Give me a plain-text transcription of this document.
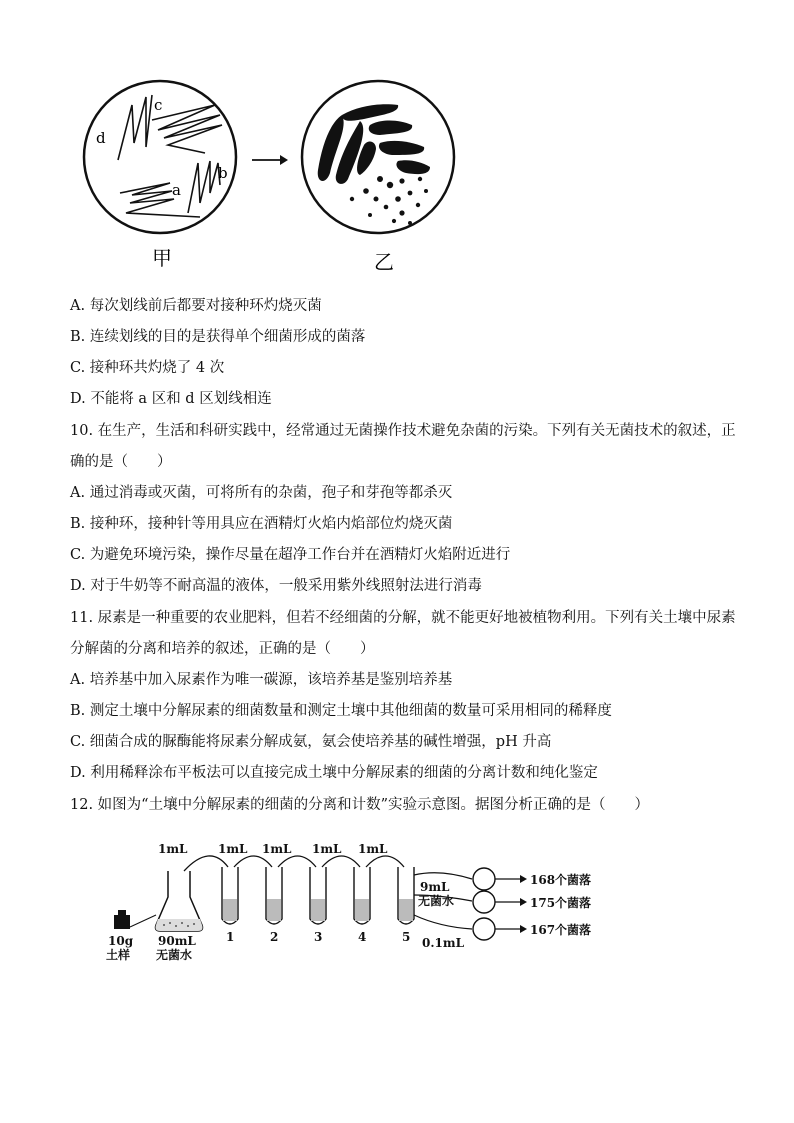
d
c
b
a
甲	乙
A. 每次划线前后都要对接种环灼烧灭菌
B. 连续划线的目的是获得单个细菌形成的菌落
C. 接种环共灼烧了 4 次
D. 不能将 a 区和 d 区划线相连
10. 在生产，生活和科研实践中，经常通过无菌操作技术避免杂菌的污染。下列有关无菌技术的叙述，正
确的是（　　）
A. 通过消毒或灭菌，可将所有的杂菌，孢子和芽孢等都杀灭
B. 接种环，接种针等用具应在酒精灯火焰内焰部位灼烧灭菌
C. 为避免环境污染，操作尽量在超净工作台并在酒精灯火焰附近进行
D. 对于牛奶等不耐高温的液体，一般采用紫外线照射法进行消毒
11. 尿素是一种重要的农业肥料，但若不经细菌的分解，就不能更好地被植物利用。下列有关土壤中尿素
分解菌的分离和培养的叙述，正确的是（　　）
A. 培养基中加入尿素作为唯一碳源，该培养基是鉴别培养基
B. 测定土壤中分解尿素的细菌数量和测定土壤中其他细菌的数量可采用相同的稀释度
C. 细菌合成的脲酶能将尿素分解成氨，氨会使培养基的碱性增强，pH 升高
D. 利用稀释涂布平板法可以直接完成土壤中分解尿素的细菌的分离计数和纯化鉴定
12. 如图为“土壤中分解尿素的细菌的分离和计数”实验示意图。据图分析正确的是（　　）
1mL	1mL 1mL 1mL 1mL
10g
土样
90mL
无菌水
1	2	3	4	5
9mL
无菌水
0.1mL
168个菌落
175个菌落
167个菌落
